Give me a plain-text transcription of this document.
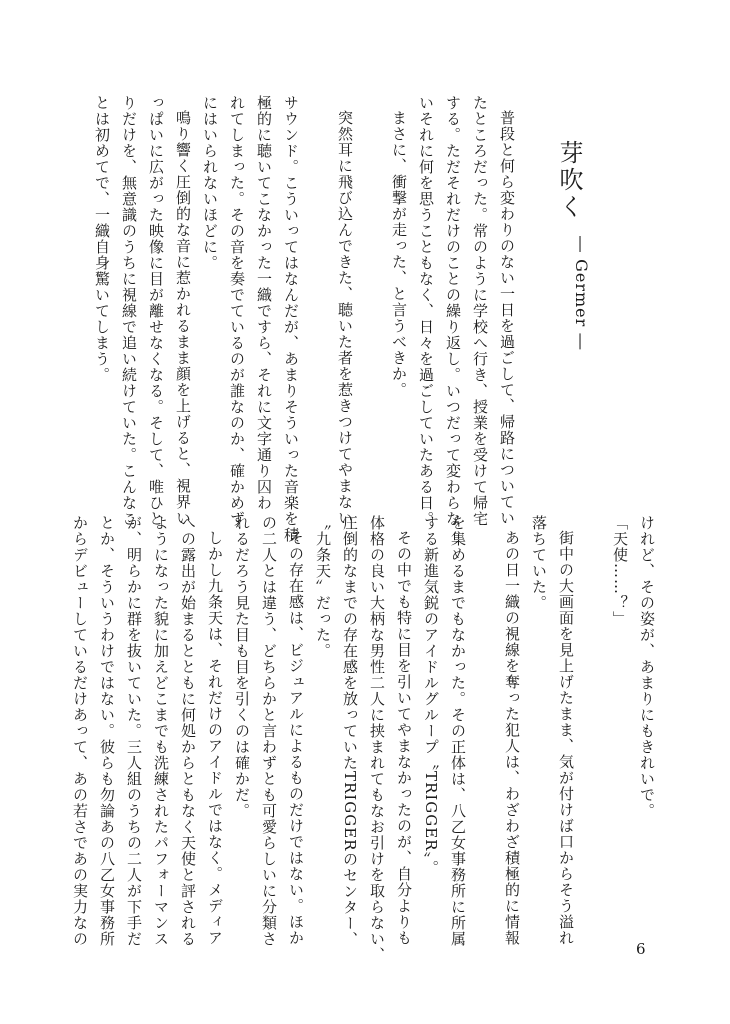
芽吹く
― Germer ―

普段と何ら変わりのない一日を過ごして、帰路についてい

たところだった。常のように学校へ行き、授業を受けて帰宅

する。ただそれだけのことの繰り返し。いつだって変わらな

いそれに何を思うこともなく、日々を過ごしていたある日。

まさに、衝撃が走った、と言うべきか。

突然耳に飛び込んできた、聴いた者を惹きつけてやまない

サウンド。こういってはなんだが、あまりそういった音楽を積

極的に聴いてこなかった一織ですら、それに文字通り囚わ

れてしまった。その音を奏でているのが誰なのか、確かめず

にはいられないほどに。

鳴り響く圧倒的な音に惹かれるまま顔を上げると、視界い

っぱいに広がった映像に目が離せなくなる。そして、唯ひと

りだけを、無意識のうちに視線で追い続けていた。こんなこ

とは初めてで、一織自身驚いてしまう。

けれど、その姿が、あまりにもきれいで。

「天使……？」

街中の大画面を見上げたまま、気が付けば口からそう溢れ

落ちていた。

あの日一織の視線を奪った犯人は、わざわざ積極的に情報

を集めるまでもなかった。その正体は、八乙女事務所に所属

する新進気鋭のアイドルグループ〝TRIGGER〟。

その中でも特に目を引いてやまなかったのが、自分よりも

体格の良い大柄な男性二人に挟まれてもなお引けを取らない、

圧倒的なまでの存在感を放っていたTRIGGERのセンター、

〝九条天〟だった。

その存在感は、ビジュアルによるものだけではない。ほか

の二人とは違う、どちらかと言わずとも可愛らしいに分類さ

れるだろう見た目も目を引くのは確かだ。

しかし九条天は、それだけのアイドルではなく。メディア

への露出が始まるとともに何処からともなく天使と評される

ようになった貌に加えどこまでも洗練されたパフォーマンス

が、明らかに群を抜いていた。三人組のうちの二人が下手だ

とか、そういうわけではない。彼らも勿論あの八乙女事務所

からデビューしているだけあって、あの若さであの実力なの

6
